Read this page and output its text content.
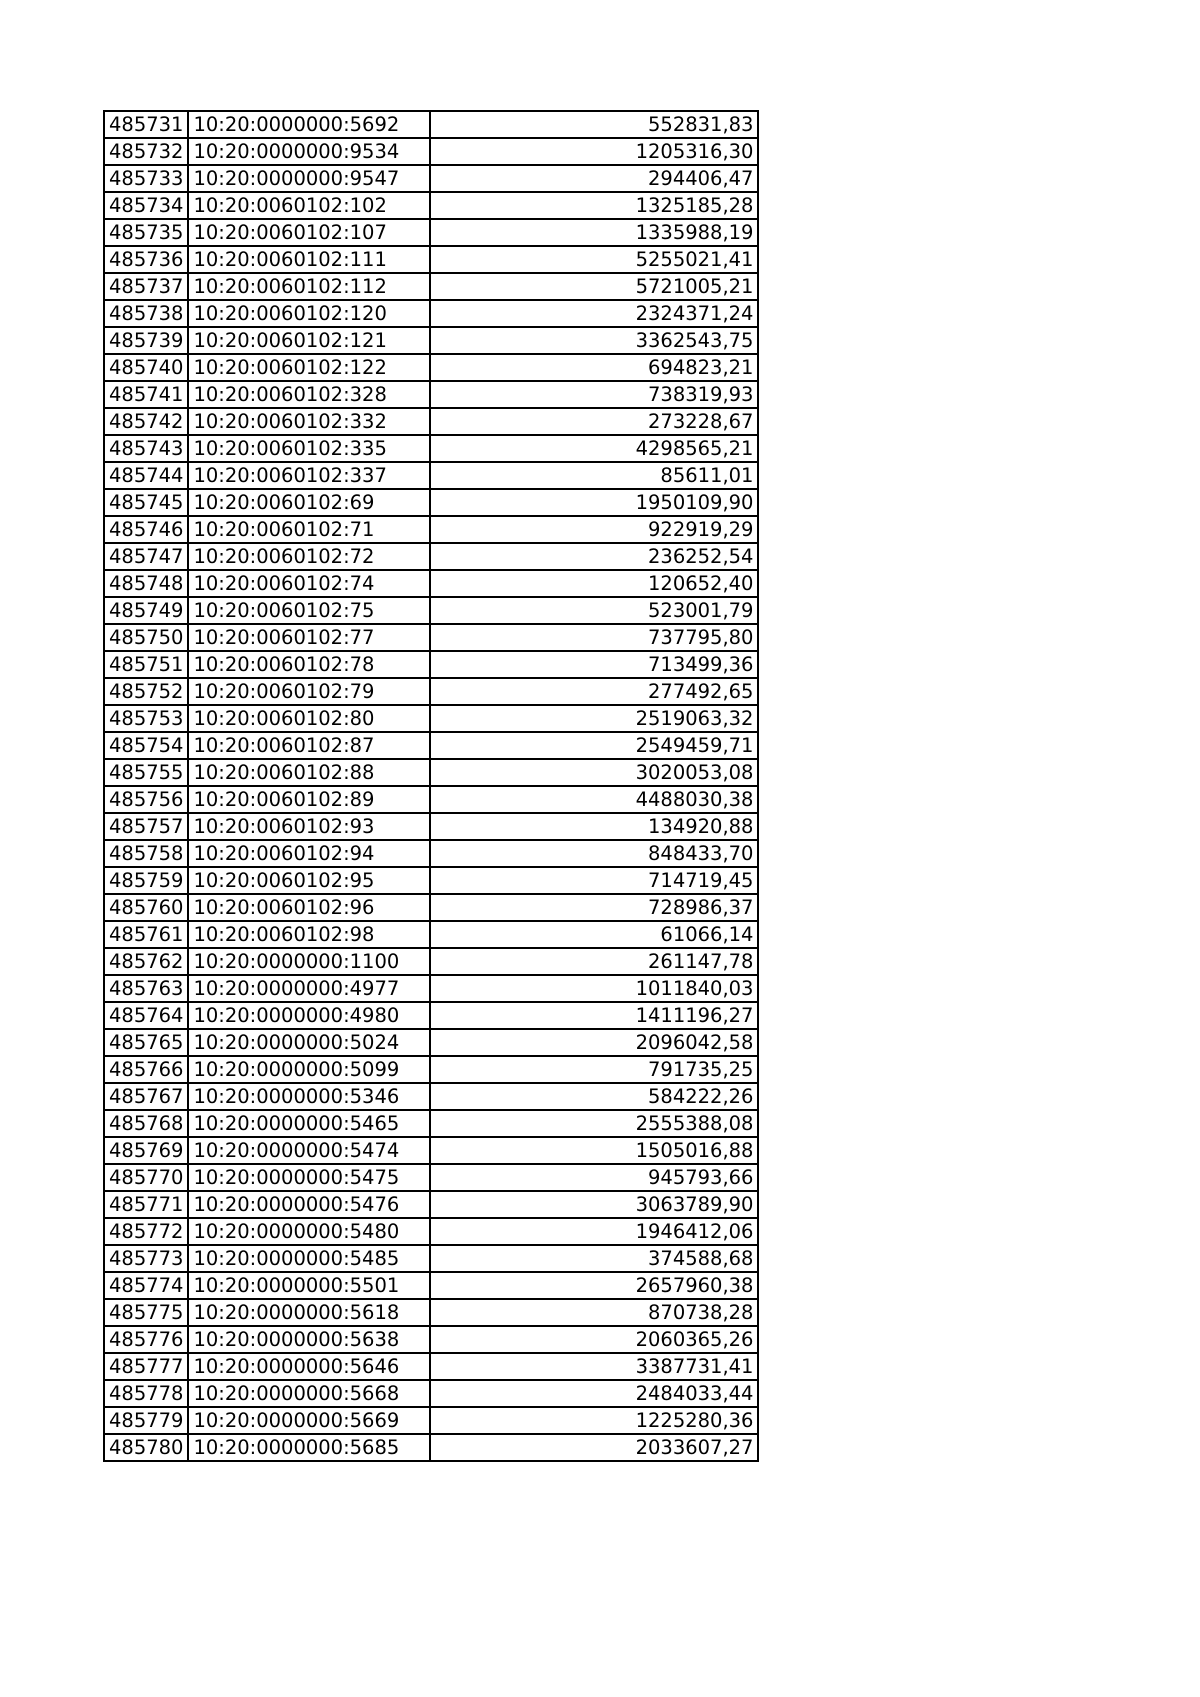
485731	10:20:0000000:5692	552831,83
485732	10:20:0000000:9534	1205316,30
485733	10:20:0000000:9547	294406,47
485734	10:20:0060102:102	1325185,28
485735	10:20:0060102:107	1335988,19
485736	10:20:0060102:111	5255021,41
485737	10:20:0060102:112	5721005,21
485738	10:20:0060102:120	2324371,24
485739	10:20:0060102:121	3362543,75
485740	10:20:0060102:122	694823,21
485741	10:20:0060102:328	738319,93
485742	10:20:0060102:332	273228,67
485743	10:20:0060102:335	4298565,21
485744	10:20:0060102:337	85611,01
485745	10:20:0060102:69	1950109,90
485746	10:20:0060102:71	922919,29
485747	10:20:0060102:72	236252,54
485748	10:20:0060102:74	120652,40
485749	10:20:0060102:75	523001,79
485750	10:20:0060102:77	737795,80
485751	10:20:0060102:78	713499,36
485752	10:20:0060102:79	277492,65
485753	10:20:0060102:80	2519063,32
485754	10:20:0060102:87	2549459,71
485755	10:20:0060102:88	3020053,08
485756	10:20:0060102:89	4488030,38
485757	10:20:0060102:93	134920,88
485758	10:20:0060102:94	848433,70
485759	10:20:0060102:95	714719,45
485760	10:20:0060102:96	728986,37
485761	10:20:0060102:98	61066,14
485762	10:20:0000000:1100	261147,78
485763	10:20:0000000:4977	1011840,03
485764	10:20:0000000:4980	1411196,27
485765	10:20:0000000:5024	2096042,58
485766	10:20:0000000:5099	791735,25
485767	10:20:0000000:5346	584222,26
485768	10:20:0000000:5465	2555388,08
485769	10:20:0000000:5474	1505016,88
485770	10:20:0000000:5475	945793,66
485771	10:20:0000000:5476	3063789,90
485772	10:20:0000000:5480	1946412,06
485773	10:20:0000000:5485	374588,68
485774	10:20:0000000:5501	2657960,38
485775	10:20:0000000:5618	870738,28
485776	10:20:0000000:5638	2060365,26
485777	10:20:0000000:5646	3387731,41
485778	10:20:0000000:5668	2484033,44
485779	10:20:0000000:5669	1225280,36
485780	10:20:0000000:5685	2033607,27
